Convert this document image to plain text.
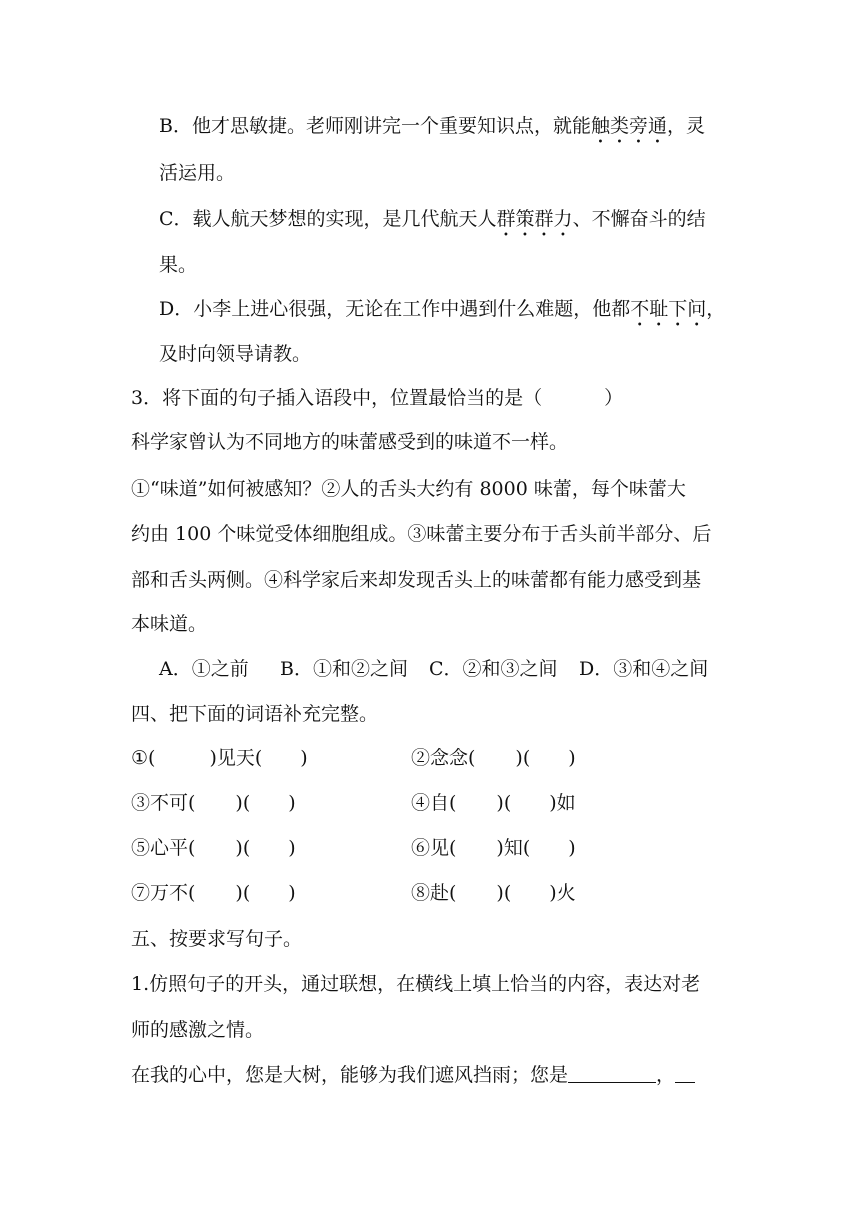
B．他才思敏捷。老师刚讲完一个重要知识点，就能触类旁通，灵
活运用。
C．载人航天梦想的实现，是几代航天人群策群力、不懈奋斗的结
果。
D．小李上进心很强，无论在工作中遇到什么难题，他都不耻下问，
及时向领导请教。
3．将下面的句子插入语段中，位置最恰当的是（	）
科学家曾认为不同地方的味蕾感受到的味道不一样。
①“味道”如何被感知？②人的舌头大约有 8000 味蕾，每个味蕾大
约由 100 个味觉受体细胞组成。③味蕾主要分布于舌头前半部分、后
部和舌头两侧。④科学家后来却发现舌头上的味蕾都有能力感受到基
本味道。
A．①之前 B．①和②之间 C．②和③之间 D．③和④之间
四、把下面的词语补充完整。
①(	)见天( )	②念念( )( )
③不可( )( )	④自( )( )如
⑤心平( )( )	⑥见( )知( )
⑦万不( )( )	⑧赴( )( )火
五、按要求写句子。
1.仿照句子的开头，通过联想，在横线上填上恰当的内容，表达对老
师的感激之情。
在我的心中，您是大树，能够为我们遮风挡雨；您是	，
